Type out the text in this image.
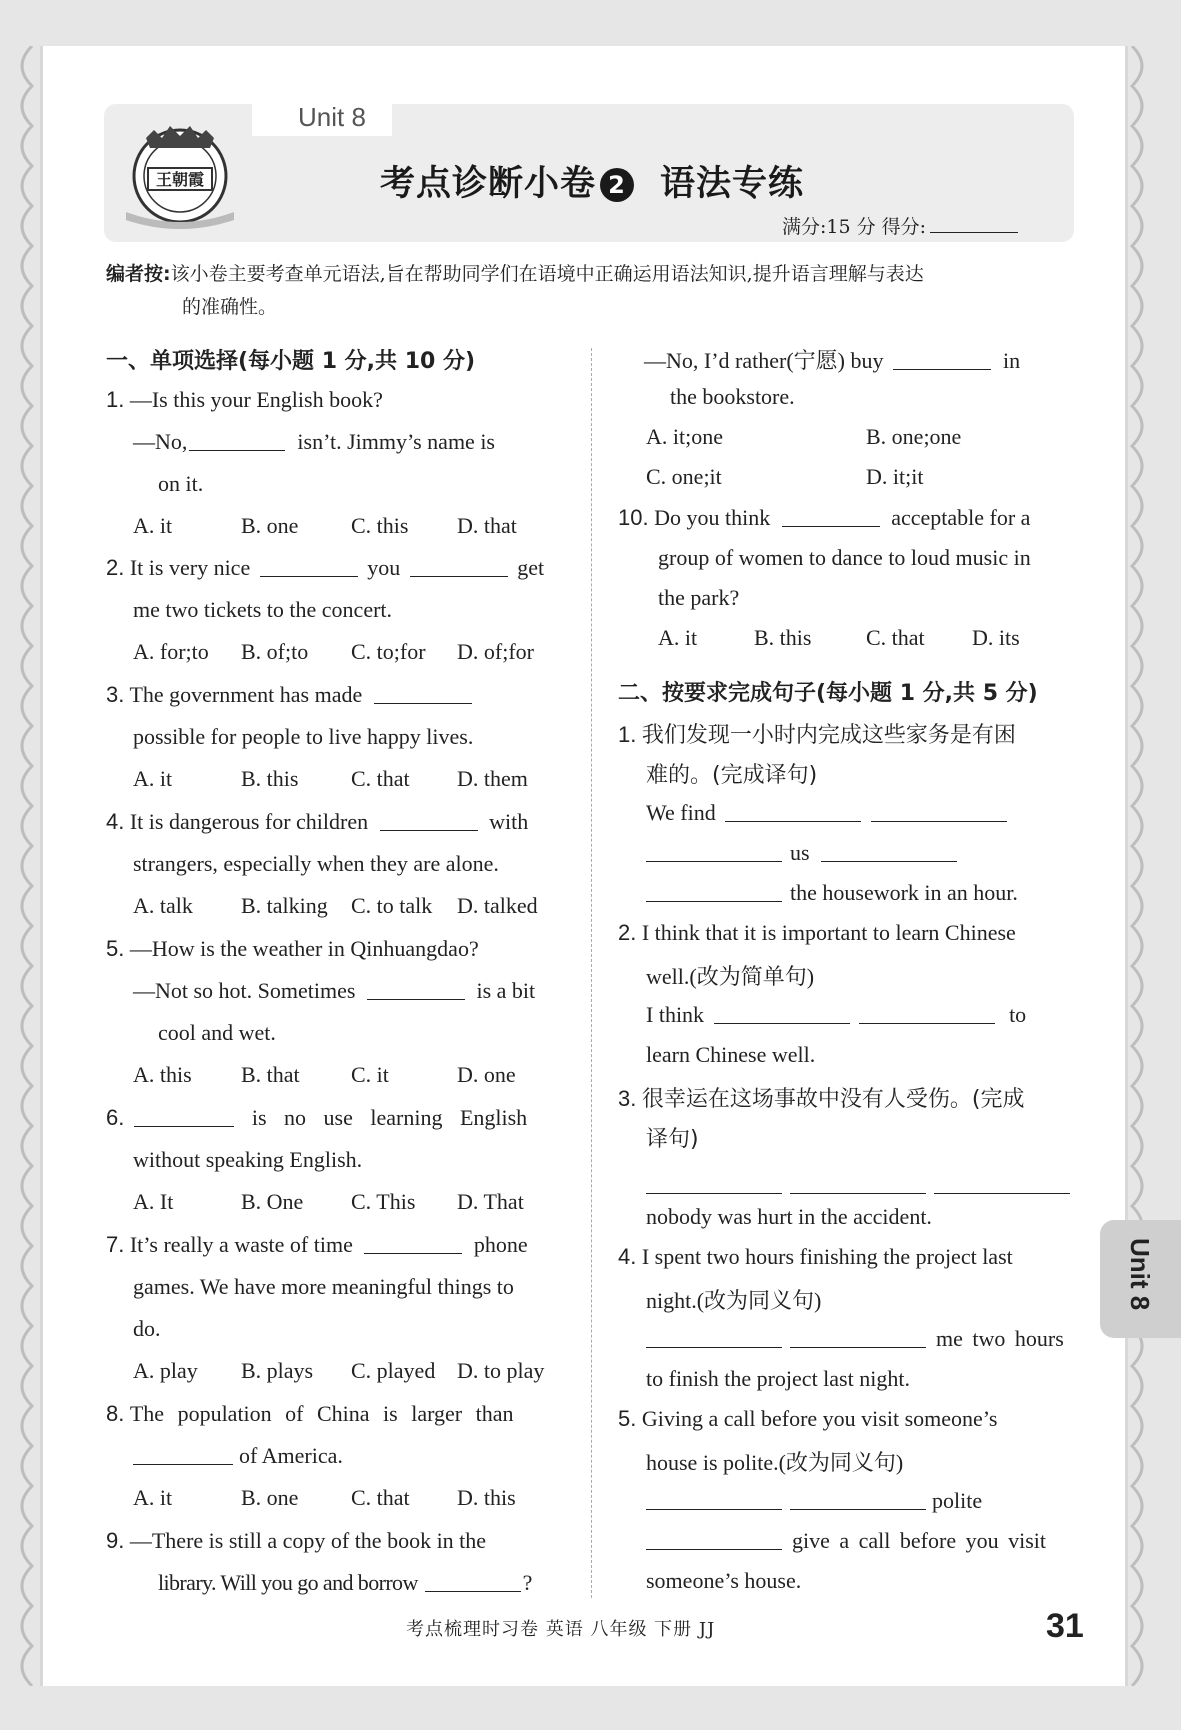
王朝霞
Unit 8
考点诊断小卷 2 语法专练
满分:15 分 得分:
编者按:该小卷主要考查单元语法,旨在帮助同学们在语境中正确运用语法知识,提升语言理解与表达
的准确性。
一、单项选择(每小题 1 分,共 10 分)
1. —Is this your English book?
—No,	isn’t. Jimmy’s name is
on it.
A. it	B. one C. this D. that
2. It is very nice	you	get
me two tickets to the concert.
A. for;to B. of;to C. to;for D. of;for
3. The government has made
possible for people to live happy lives.
A. it	B. this C. that D. them
4. It is dangerous for children	with
strangers, especially when they are alone.
A. talk B. talking C. to talk D. talked
5. —How is the weather in Qinhuangdao?
—Not so hot. Sometimes	is a bit
cool and wet.
A. this B. that C. it	D. one
6.	is no use learning English
without speaking English.
A. It	B. One C. This D. That
7. It’s really a waste of time	phone
games. We have more meaningful things to
do.
A. play B. plays C. played D. to play
8. The population of China is larger than
of America.
A. it	B. one C. that D. this
9. —There is still a copy of the book in the
library. Will you go and borrow	?
—No, I’d rather(宁愿) buy	in
the bookstore.
A. it;one	B. one;one
C. one;it	D. it;it
10. Do you think	acceptable for a
group of women to dance to loud music in
the park?
A. it	B. this C. that D. its
二、按要求完成句子(每小题 1 分,共 5 分)
1. 我们发现一小时内完成这些家务是有困
难的。(完成译句)
We find
us
the housework in an hour.
2. I think that it is important to learn Chinese
well.(改为简单句)
I think	to
learn Chinese well.
3. 很幸运在这场事故中没有人受伤。(完成
译句)
nobody was hurt in the accident.
4. I spent two hours finishing the project last
night.(改为同义句)
me two hours
to finish the project last night.
5. Giving a call before you visit someone’s
house is polite.(改为同义句)
polite
give a call before you visit
someone’s house.
Unit 8
考点梳理时习卷 英语 八年级 下册 JJ	31
